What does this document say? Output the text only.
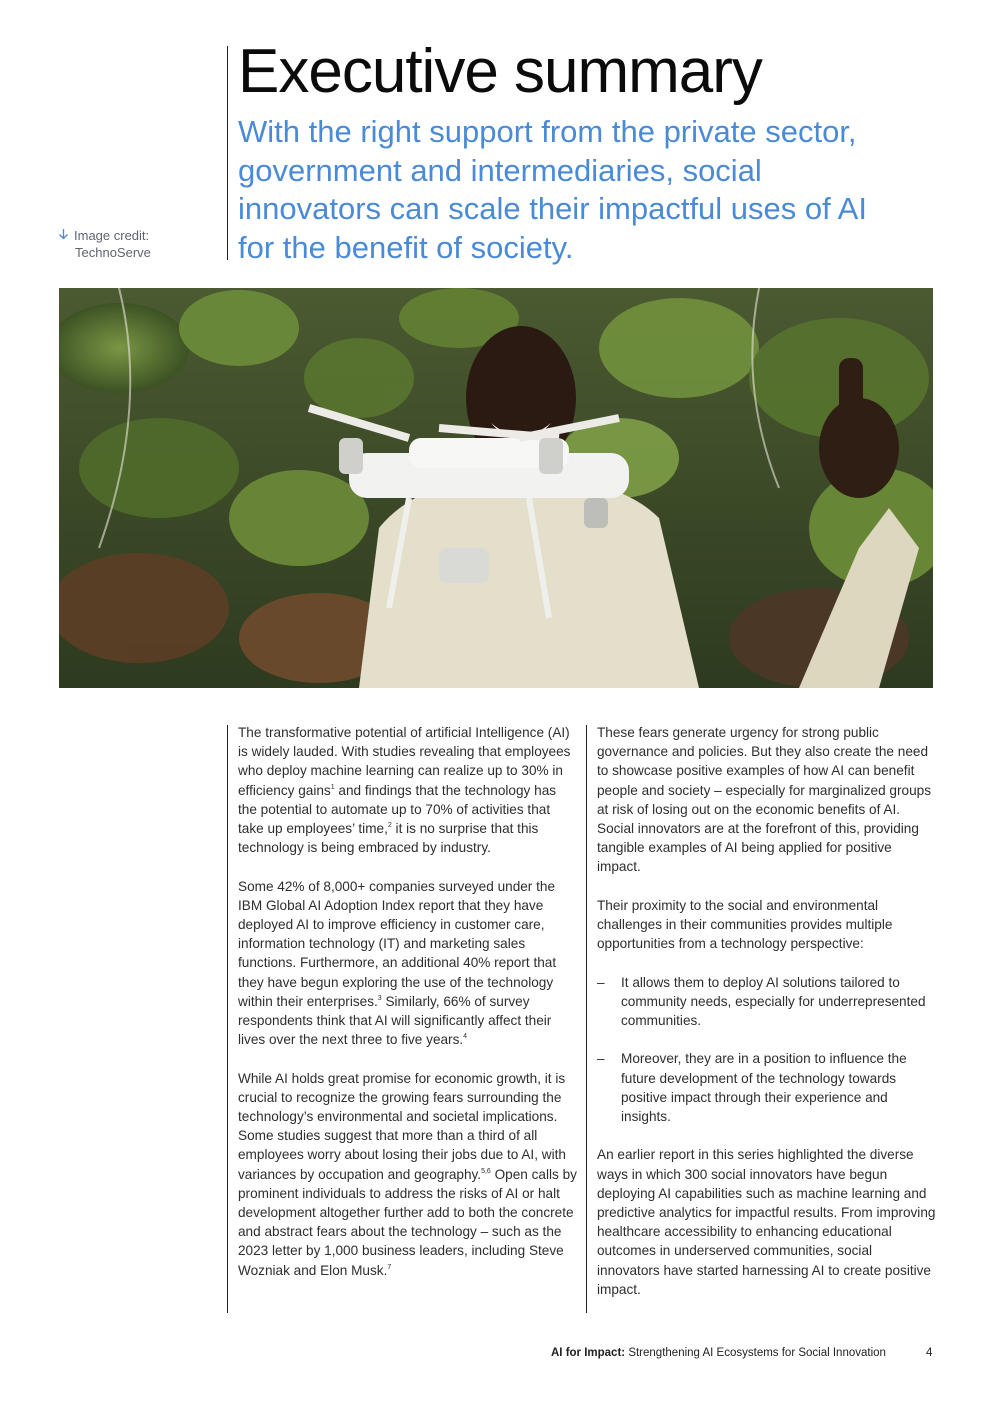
Executive summary

With the right support from the private sector, government and intermediaries, social innovators can scale their impactful uses of AI for the benefit of society.

Image credit:
TechnoServe

The transformative potential of artificial Intelligence (AI) is widely lauded. With studies revealing that employees who deploy machine learning can realize up to 30% in efficiency gains$^1$ and findings that the technology has the potential to automate up to 70% of activities that take up employees’ time,$^2$ it is no surprise that this technology is being embraced by industry.

Some 42% of 8,000+ companies surveyed under the IBM Global AI Adoption Index report that they have deployed AI to improve efficiency in customer care, information technology (IT) and marketing sales functions. Furthermore, an additional 40% report that they have begun exploring the use of the technology within their enterprises.$^3$ Similarly, 66% of survey respondents think that AI will significantly affect their lives over the next three to five years.$^4$

While AI holds great promise for economic growth, it is crucial to recognize the growing fears surrounding the technology’s environmental and societal implications. Some studies suggest that more than a third of all employees worry about losing their jobs due to AI, with variances by occupation and geography.$^{5,6}$ Open calls by prominent individuals to address the risks of AI or halt development altogether further add to both the concrete and abstract fears about the technology – such as the 2023 letter by 1,000 business leaders, including Steve Wozniak and Elon Musk.$^7$

These fears generate urgency for strong public governance and policies. But they also create the need to showcase positive examples of how AI can benefit people and society – especially for marginalized groups at risk of losing out on the economic benefits of AI. Social innovators are at the forefront of this, providing tangible examples of AI being applied for positive impact.

Their proximity to the social and environmental challenges in their communities provides multiple opportunities from a technology perspective:

– It allows them to deploy AI solutions tailored to community needs, especially for underrepresented communities.
– Moreover, they are in a position to influence the future development of the technology towards positive impact through their experience and insights.

An earlier report in this series highlighted the diverse ways in which 300 social innovators have begun deploying AI capabilities such as machine learning and predictive analytics for impactful results. From improving healthcare accessibility to enhancing educational outcomes in underserved communities, social innovators have started harnessing AI to create positive impact.

AI for Impact: Strengthening AI Ecosystems for Social Innovation	4
